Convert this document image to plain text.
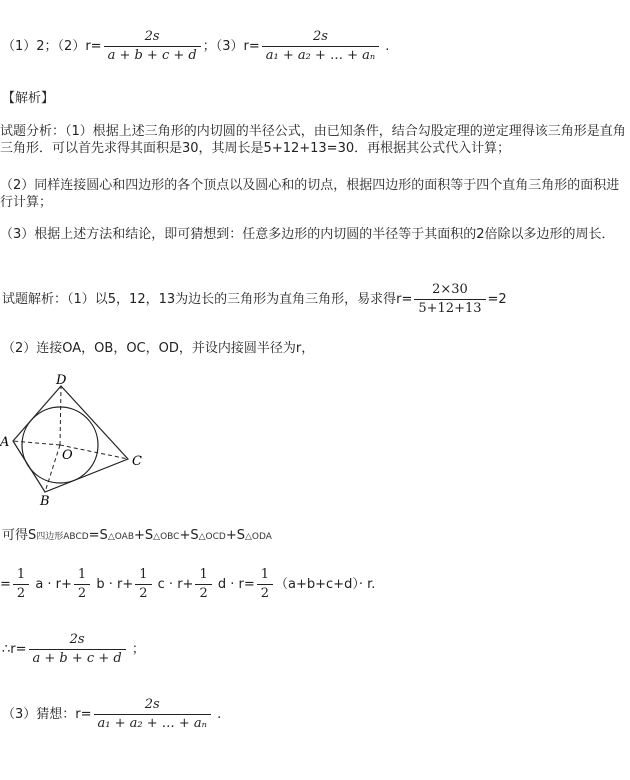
（1）2；$(2)r= \frac{2s}{a + b + c + d}$ ；$(3)r= \frac{2s}{\text{a₁ + a₂ + … + aₙ}}$ .
【解析】
试题分析：（1）根据上述三角形的内切圆的半径公式，由已知条件，结合勾股定理的逆定理得该三角形是直角三角形．可以首先求得其面积是30，其周长是5+12+13=30．再根据其公式代入计算；
（2）同样连接圆心和四边形的各个顶点以及圆心和的切点，根据四边形的面积等于四个直角三角形的面积进行计算；
（3）根据上述方法和结论，即可猜想到：任意多边形的内切圆的半径等于其面积的2倍除以多边形的周长．
试题解析：（1）以5，12，13为边长的三角形为直角三角形，易求得$r= \frac{2\times 30}{5+12+13} =2$
（2）连接OA，OB，OC，OD，并设内接圆半径为r，
A
B
C
D
O
可得S四边形ABCD=S△OAB+S△OBC+S△OCD+S△ODA
= $\frac{1}{2}$ $a \cdot r+ \frac{1}{2}$ $b \cdot r+ \frac{1}{2}$ $c \cdot r+ \frac{1}{2}$ $d \cdot r= \frac{1}{2} (a+b+c+d)\cdot r$.
∴r= $\frac{2s}{a + b + c + d}$ ；
（3）猜想：$r= \frac{2s}{\text{a₁ + a₂ + … + aₙ}}$ .
